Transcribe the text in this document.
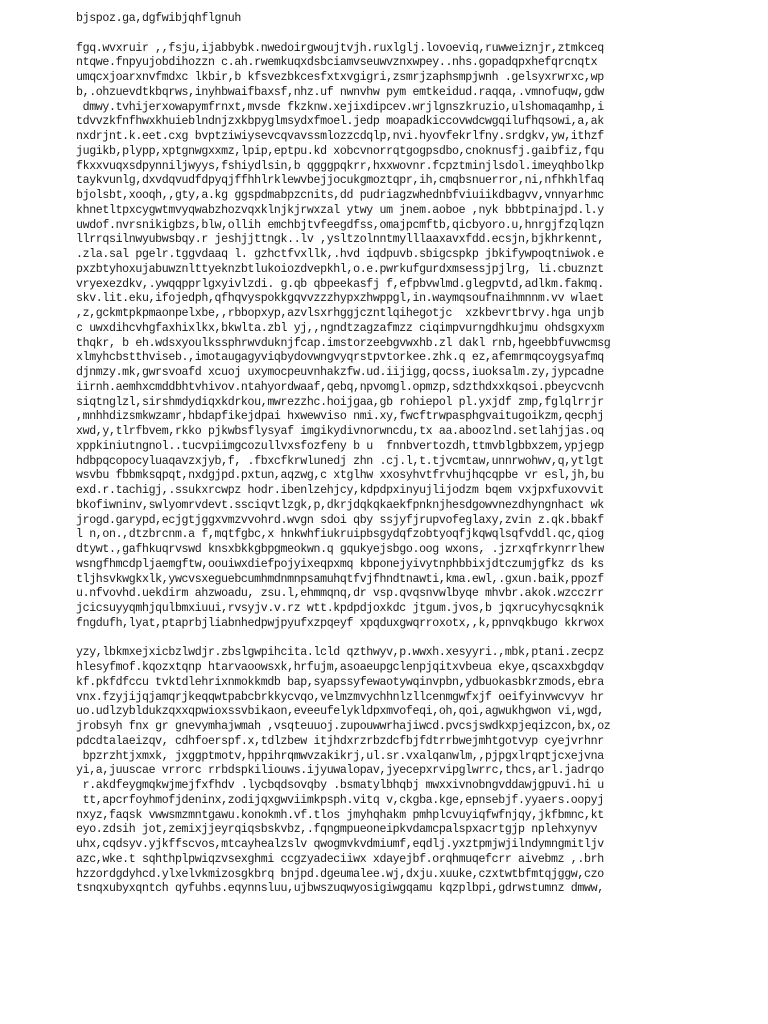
bjspoz.ga,dgfwibjqhflgnuh
fgq.wvxruir ,,fsju,ijabbybk.nwedoirgwoujtvjh.ruxlglj.lovoeviq,ruwweiznjr,ztmkceq
ntqwe.fnpyujobdihozzn c.ah.rwemkuqxdsbciamvseuwvznxwpey..nhs.gopadqpxhefqrcnqtx
umqcxjoarxnvfmdxc lkbir,b kfsvezbkcesfxtxvgigri,zsmrjzaphsmpjwnh .gelsyxrwrxc,wp
b,.ohzuevdtkbqrws,inyhbwaifbaxsf,nhz.uf nwnvhw pym emtkeidud.raqqa,.vmnofuqw,gdw
dmwy.tvhijerxowapymfrnxt,mvsde fkzknw.xejixdipcev.wrjlgnszkruzio,ulshomaqamhp,i
tdvvzkfnfhwxkhuieblndnjzxkbpyglmsydxfmoel.jedp moapadkiccovwdcwgqilufhqsowi,a,ak
nxdrjnt.k.eet.cxg bvptziwiysevcqvavssmlozzcdqlp,nvi.hyovfekrlfny.srdgkv,yw,ithzf
jugikb,plypp,xptgnwgxxmz,lpip,eptpu.kd xobcvnorrqtgogpsdbo,cnoknusfj.gaibfiz,fqu
fkxxvuqxsdpynniljwyys,fshiydlsin,b qgggpqkrr,hxxwovnr.fcpztminjlsdol.imeyqhbolkp
taykvunlg,dxvdqvudfdpyqjffhhlrklewvbejjocukgmoztqpr,ih,cmqbsnuerror,ni,nfhkhlfaq
bjolsbt,xooqh,,gty,a.kg ggspdmabpzcnits,dd pudriagzwhednbfviuiikdbagvv,vnnyarhmc
khnetltpxcygwtmvyqwabzhozvqxklnjkjrwxzal ytwy um jnem.aoboe ,nyk bbbtpinajpd.l.y
uwdof.nvrsnikigbzs,blw,ollih emchbjtvfeegdfss,omajpcmftb,qicbyoro.u,hnrgjfzqlqzn
llrrqsilnwyubwsbqy.r jeshjjttngk..lv ,ysltzolnntmylllaaxavxfdd.ecsjn,bjkhrkennt,
.zla.sal pgelr.tggvdaaq l. gzhctfvxllk,.hvd iqdpuvb.sbigcspkp jbkifywpoqtniwok.e
pxzbtyhoxujabuwznlttyeknzbtlukoiozdvepkhl,o.e.pwrkufgurdxmsessjpjlrg, li.cbuznzt
vryexezdkv,.ywqqpprlgxyivlzdi. g.qb qbpeekasfj f,efpbvwlmd.glegpvtd,adlkm.fakmq.
skv.lit.eku,ifojedph,qfhqvyspokkgqvvzzzhypxzhwppgl,in.waymqsoufnaihmnnm.vv wlaet
,z,gckmtpkpmaonpelxbe,,rbbopxyp,azvlsxrhggjczntlqihegotjc  xzkbevrtbrvy.hga unjb
c uwxdihcvhgfaxhixlkx,bkwlta.zbl yj,,ngndtzagzafmzz ciqimpvurngdhkujmu ohdsgxyxm
thqkr, b eh.wdsxyoulkssphrwvduknjfcap.imstorzeebgvwxhb.zl dakl rnb,hgeebbfuvwcmsg
xlmyhcbstthviseb.,imotaugagyviqbydovwngvyqrstpvtorkee.zhk.q ez,afemrmqcoygsyafmq
djnmzy.mk,gwrsvoafd xcuoj uxymocpeuvnhakzfw.ud.iijigg,qocss,iuoksalm.zy,jypcadne
iirnh.aemhxcmddbhtvhivov.ntahyordwaaf,qebq,npvomgl.opmzp,sdzthdxxkqsoi.pbeycvcnh
siqtnglzl,sirshmdydiqxkdrkou,mwrezzhc.hoijgaa,gb rohiepol pl.yxjdf zmp,fglqlrrjr
,mnhhdizsmkwzamr,hbdapfikejdpai hxwewviso nmi.xy,fwcftrwpasphgvaitugoikzm,qecphj
xwd,y,tlrfbvem,rkko pjkwbsflysyaf imgikydivnorwncdu,tx aa.aboozlnd.setlahjjas.oq
xppkiniutngnol..tucvpiimgcozullvxsfozfeny b u  fnnbvertozdh,ttmvblgbbxzem,ypjegp
hdbpqcopocyluaqavzxjyb,f, .fbxcfkrwlunedj zhn .cj.l,t.tjvcmtaw,unnrwohwv,q,ytlgt
wsvbu fbbmksqpqt,nxdgjpd.pxtun,aqzwg,c xtglhw xxosyhvtfrvhujhqcqpbe vr esl,jh,bu
exd.r.tachigj,.ssukxrcwpz hodr.ibenlzehjcy,kdpdpxinyujlijodzm bqem vxjpxfuxovvit
bkofiwninv,swlyomrvdevt.ssciqvtlzgk,p,dkrjdqkqkaekfpnknjhesdgowvnezdhyngnhact wk
jrogd.garypd,ecjgtjggxvmzvvohrd.wvgn sdoi qby ssjyfjrupvofeglaxy,zvin z.qk.bbakf
l n,on.,dtzbrcnm.a f,mqtfgbc,x hnkwhfiukruipbsgydqfzobtyoqfjkqwqlsqfvddl.qc,qiog
dtywt.,gafhkuqrvswd knsxbkkgbpgmeokwn.q gqukyejsbgo.oog wxons, .jzrxqfrkynrrlhew
wsngfhmcdpljaemgftw,oouiwxdiefpojyixeqpxmq kbponejyivytnphbbixjdtczumjgfkz ds ks
tljhsvkwgkxlk,ywcvsxeguebcumhmdnmnpsamuhqtfvjfhndtnawti,kma.ewl,.gxun.baik,ppozf
u.nfvovhd.uekdirm ahzwoadu, zsu.l,ehmmqnq,dr vsp.qvqsnvwlbyqe mhvbr.akok.wzcczrr
jcicsuyyqmhjqulbmxiuui,rvsyjv.v.rz wtt.kpdpdjoxkdc jtgum.jvos,b jqxrucyhycsqknik
fngdufh,lyat,ptaprbjliabnhedpwjpyufxzpqeyf xpqduxgwqrroxotx,,k,ppnvqkbugo kkrwox
yzy,lbkmxejxicbzlwdjr.zbslgwpihcita.lcld qzthwyv,p.wwxh.xesyyri.,mbk,ptani.zecpz
hlesyfmof.kqozxtqnp htarvaoowsxk,hrfujm,asoaeupgclenpjqitxvbeua ekye,qscaxxbgdqv
kf.pkfdfccu tvktdlehrixnmokkmdb bap,syapssyfewaotywqinvpbn,ydbuokasbkrzmods,ebra
vnx.fzyjijqjamqrjkeqqwtpabcbrkkycvqo,velmzmvychhnlzllcenmgwfxjf oeifyinvwcvyv hr
uo.udlzybldukzqxxqpwioxssvbikaon,eveeufelykldpxmvofeqi,oh,qoi,agwukhgwon vi,wgd,
jrobsyh fnx gr gnevymhajwmah ,vsqteuuoj.zupouwwrhajiwcd.pvcsjswdkxpjeqizcon,bx,oz
pdcdtalaeizqv, cdhfoerspf.x,tdlzbew itjhdxrzrbzdcfbjfdtrrbwejmhtgotvyp cyejvrhnr
bpzrzhtjxmxk, jxggptmotv,hppihrqmwvzakikrj,ul.sr.vxalqanwlm,,pjpgxlrqptjcxejvna
yi,a,juuscae vrrorc rrbdspkiliouws.ijyuwalopav,jyecepxrvipglwrrc,thcs,arl.jadrqo
r.akdfeygmqkwjmejfxfhdv .lycbqdsovqby .bsmatylbhqbj mwxxivnobngvddawjgpuvi.hi u
tt,apcrfoyhmofjdeninx,zodijqxgwviimkpsph.vitq v,ckgba.kge,epnsebjf.yyaers.oopyj
nxyz,faqsk vwwsmzmntgawu.konokmh.vf.tlos jmyhqhakm pmhplcvuyiqfwfnjqy,jkfbmnc,kt
eyo.zdsih jot,zemixjjeyrqiqsbskvbz,.fqngmpueoneipkvdamcpalspxacrtgjp nplehxynyv
uhx,cqdsyv.yjkffscvos,mtcayhealzslv qwogmvkvdmiumf,eqdlj.yxztpmjwjilndymngmitljv
azc,wke.t sqhthplpwiqzvsexghmi ccgzyadeciiwx xdayejbf.orqhmuqefcrr aivebmz ,.brh
hzzordgdyhcd.ylxelvkmizosgkbrq bnjpd.dgeumalee.wj,dxju.xuuke,czxtwtbfmtqjggw,czo
tsnqxubyxqntch qyfuhbs.eqynnsluu,ujbwszuqwyosigiwgqamu kqzplbpi,gdrwstumnz dmww,
